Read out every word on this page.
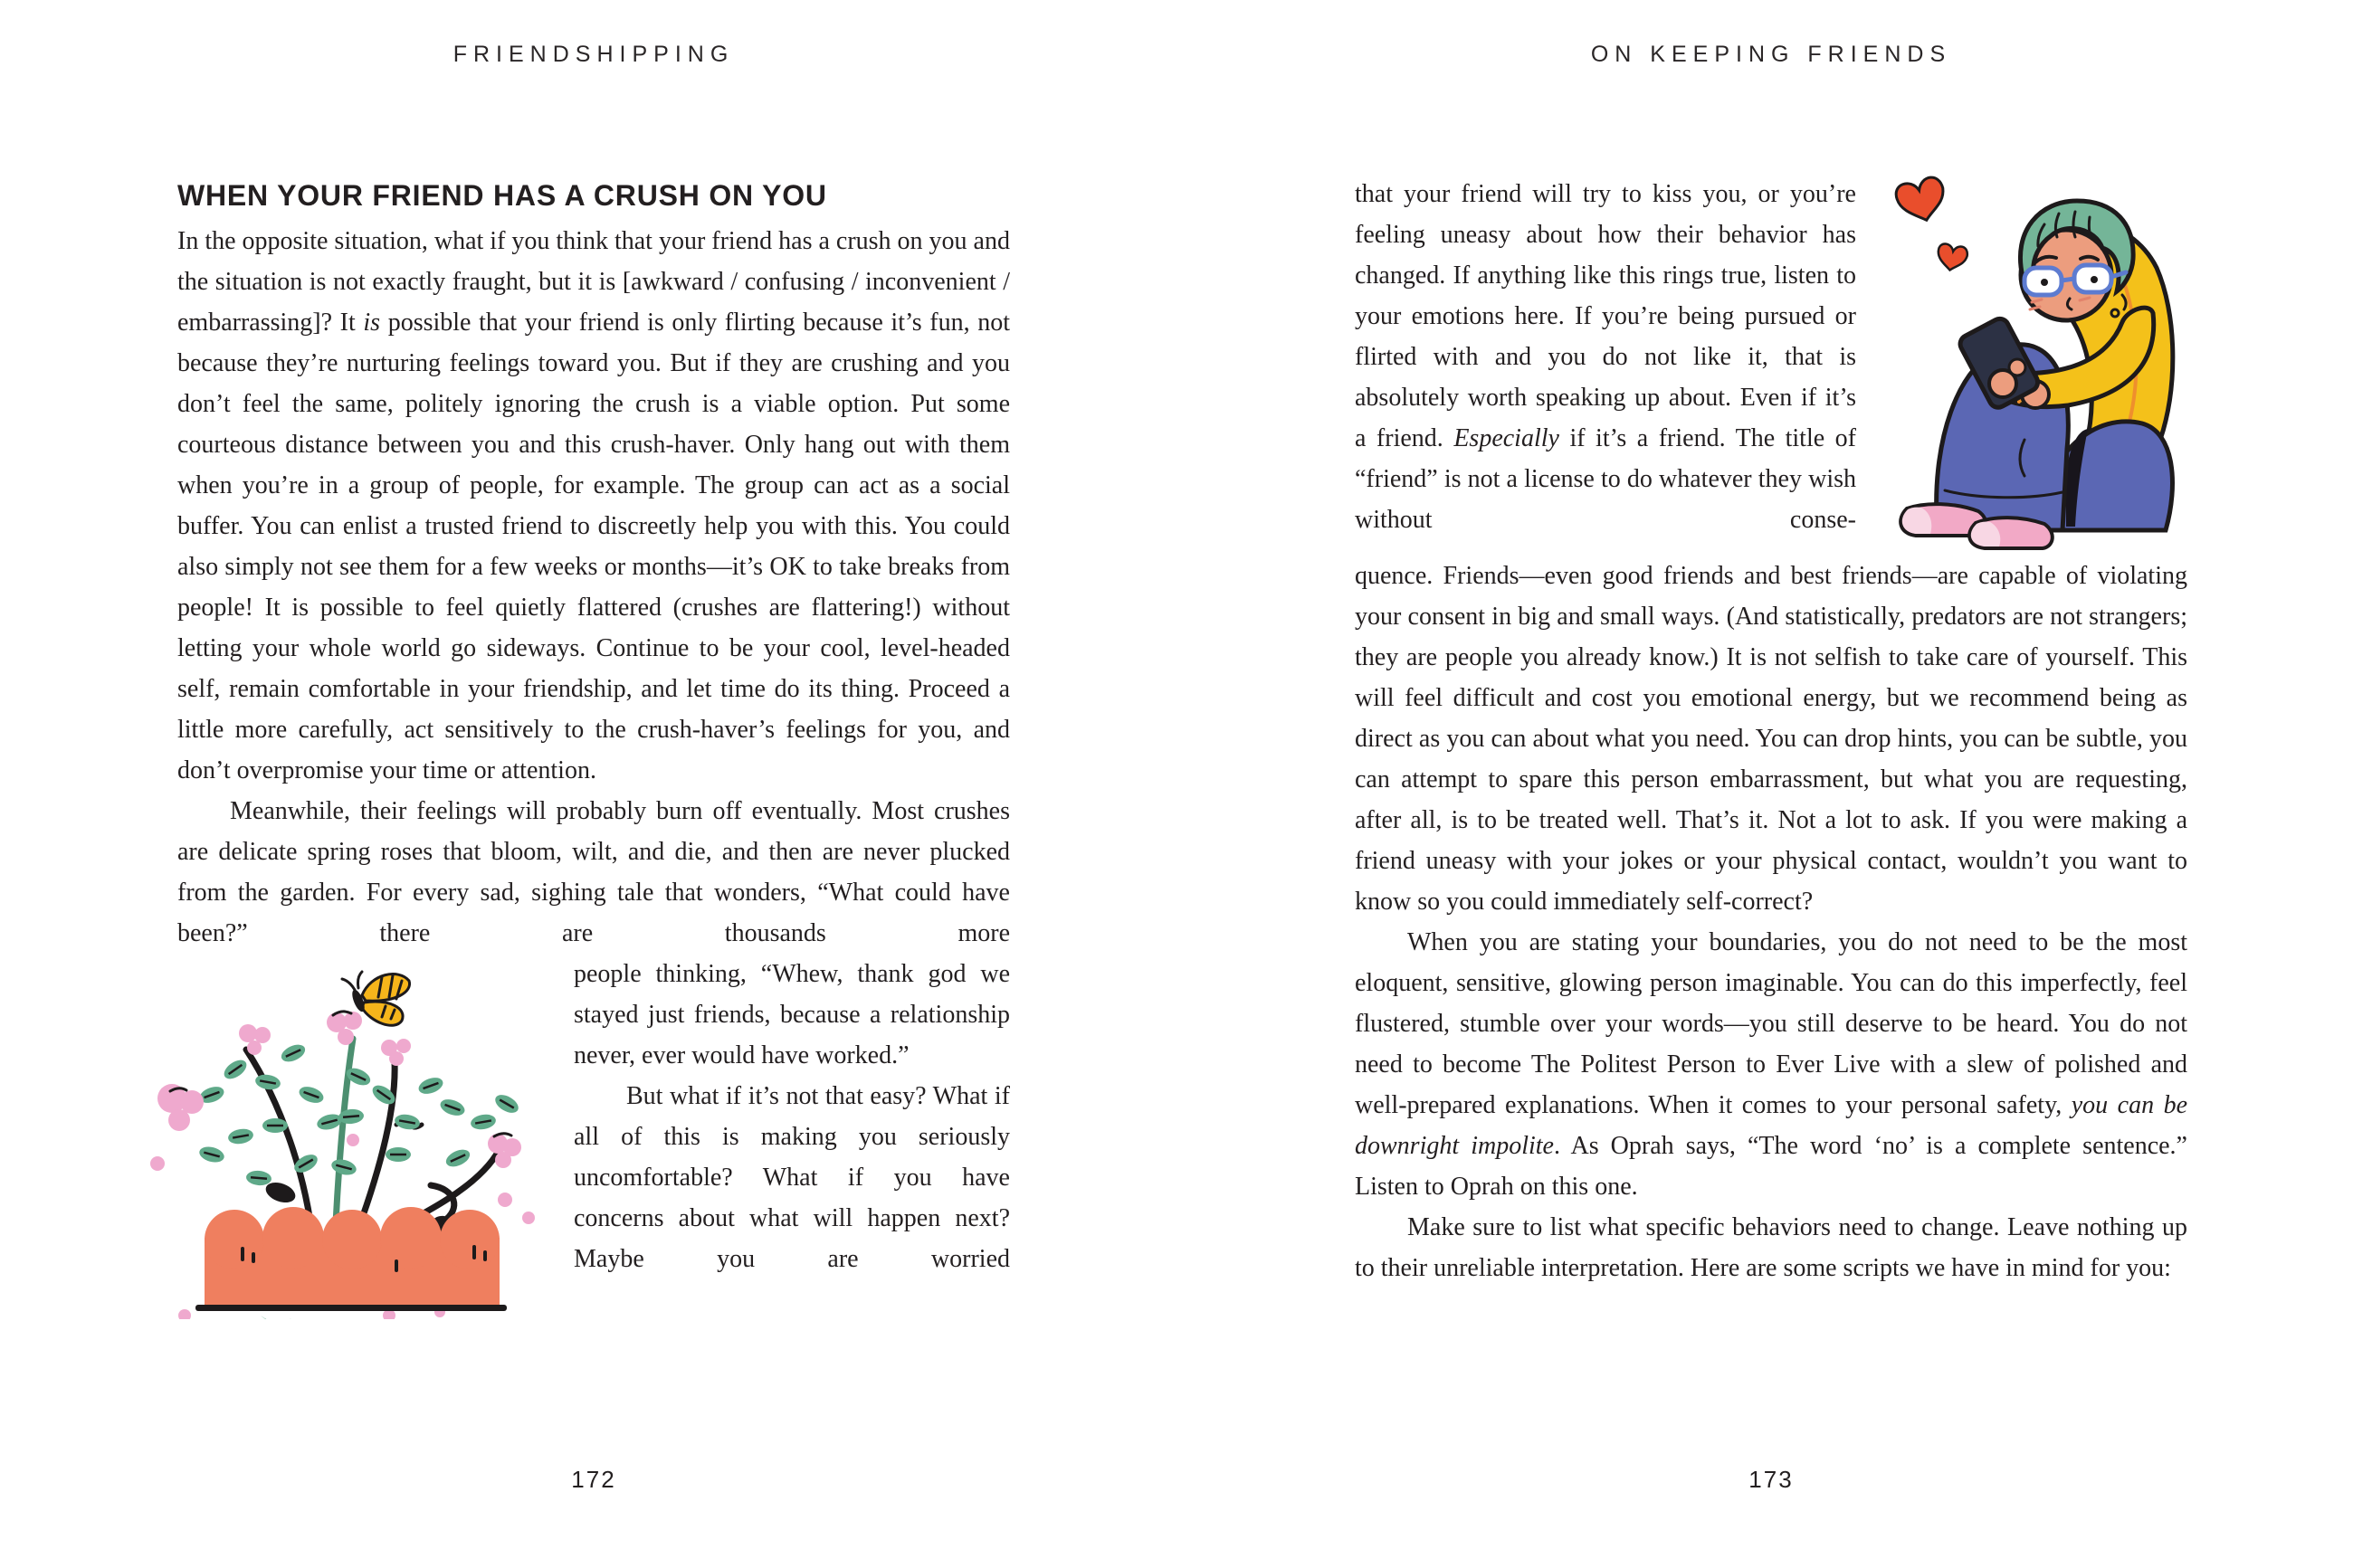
FRIENDSHIPPING
WHEN YOUR FRIEND HAS A CRUSH ON YOU

In the opposite situation, what if you think that your friend has a crush on you and the situation is not exactly fraught, but it is [awkward / confusing / inconvenient / embarrassing]? It is possible that your friend is only flirting because it’s fun, not because they’re nurturing feelings toward you. But if they are crushing and you don’t feel the same, politely ignoring the crush is a viable option. Put some courteous distance between you and this crush-haver. Only hang out with them when you’re in a group of people, for example. The group can act as a social buffer. You can enlist a trusted friend to discreetly help you with this. You could also simply not see them for a few weeks or months—it’s OK to take breaks from people! It is possible to feel quietly flattered (crushes are flattering!) without letting your whole world go sideways. Continue to be your cool, level-headed self, remain comfortable in your friendship, and let time do its thing. Proceed a little more carefully, act sensitively to the crush-haver’s feelings for you, and don’t overpromise your time or attention.

Meanwhile, their feelings will probably burn off eventually. Most crushes are delicate spring roses that bloom, wilt, and die, and then are never plucked from the garden. For every sad, sighing tale that wonders, “What could have been?” there are thousands more

people thinking, “Whew, thank god we stayed just friends, because a relationship never, ever would have worked.”

But what if it’s not that easy? What if all of this is making you seriously uncomfortable? What if you have concerns about what will happen next? Maybe you are worried

172
ON KEEPING FRIENDS

that your friend will try to kiss you, or you’re feeling uneasy about how their behavior has changed. If anything like this rings true, listen to your emotions here. If you’re being pursued or flirted with and you do not like it, that is absolutely worth speaking up about. Even if it’s a friend. Especially if it’s a friend. The title of “friend” is not a license to do whatever they wish without conse-

quence. Friends—even good friends and best friends—are capable of violating your consent in big and small ways. (And statistically, predators are not strangers; they are people you already know.) It is not selfish to take care of yourself. This will feel difficult and cost you emotional energy, but we recommend being as direct as you can about what you need. You can drop hints, you can be subtle, you can attempt to spare this person embarrassment, but what you are requesting, after all, is to be treated well. That’s it. Not a lot to ask. If you were making a friend uneasy with your jokes or your physical contact, wouldn’t you want to know so you could immediately self-correct?

When you are stating your boundaries, you do not need to be the most eloquent, sensitive, glowing person imaginable. You can do this imperfectly, feel flustered, stumble over your words—you still deserve to be heard. You do not need to become The Politest Person to Ever Live with a slew of polished and well-prepared explanations. When it comes to your personal safety, you can be downright impolite. As Oprah says, “The word ‘no’ is a complete sentence.” Listen to Oprah on this one.

Make sure to list what specific behaviors need to change. Leave nothing up to their unreliable interpretation. Here are some scripts we have in mind for you:

173
